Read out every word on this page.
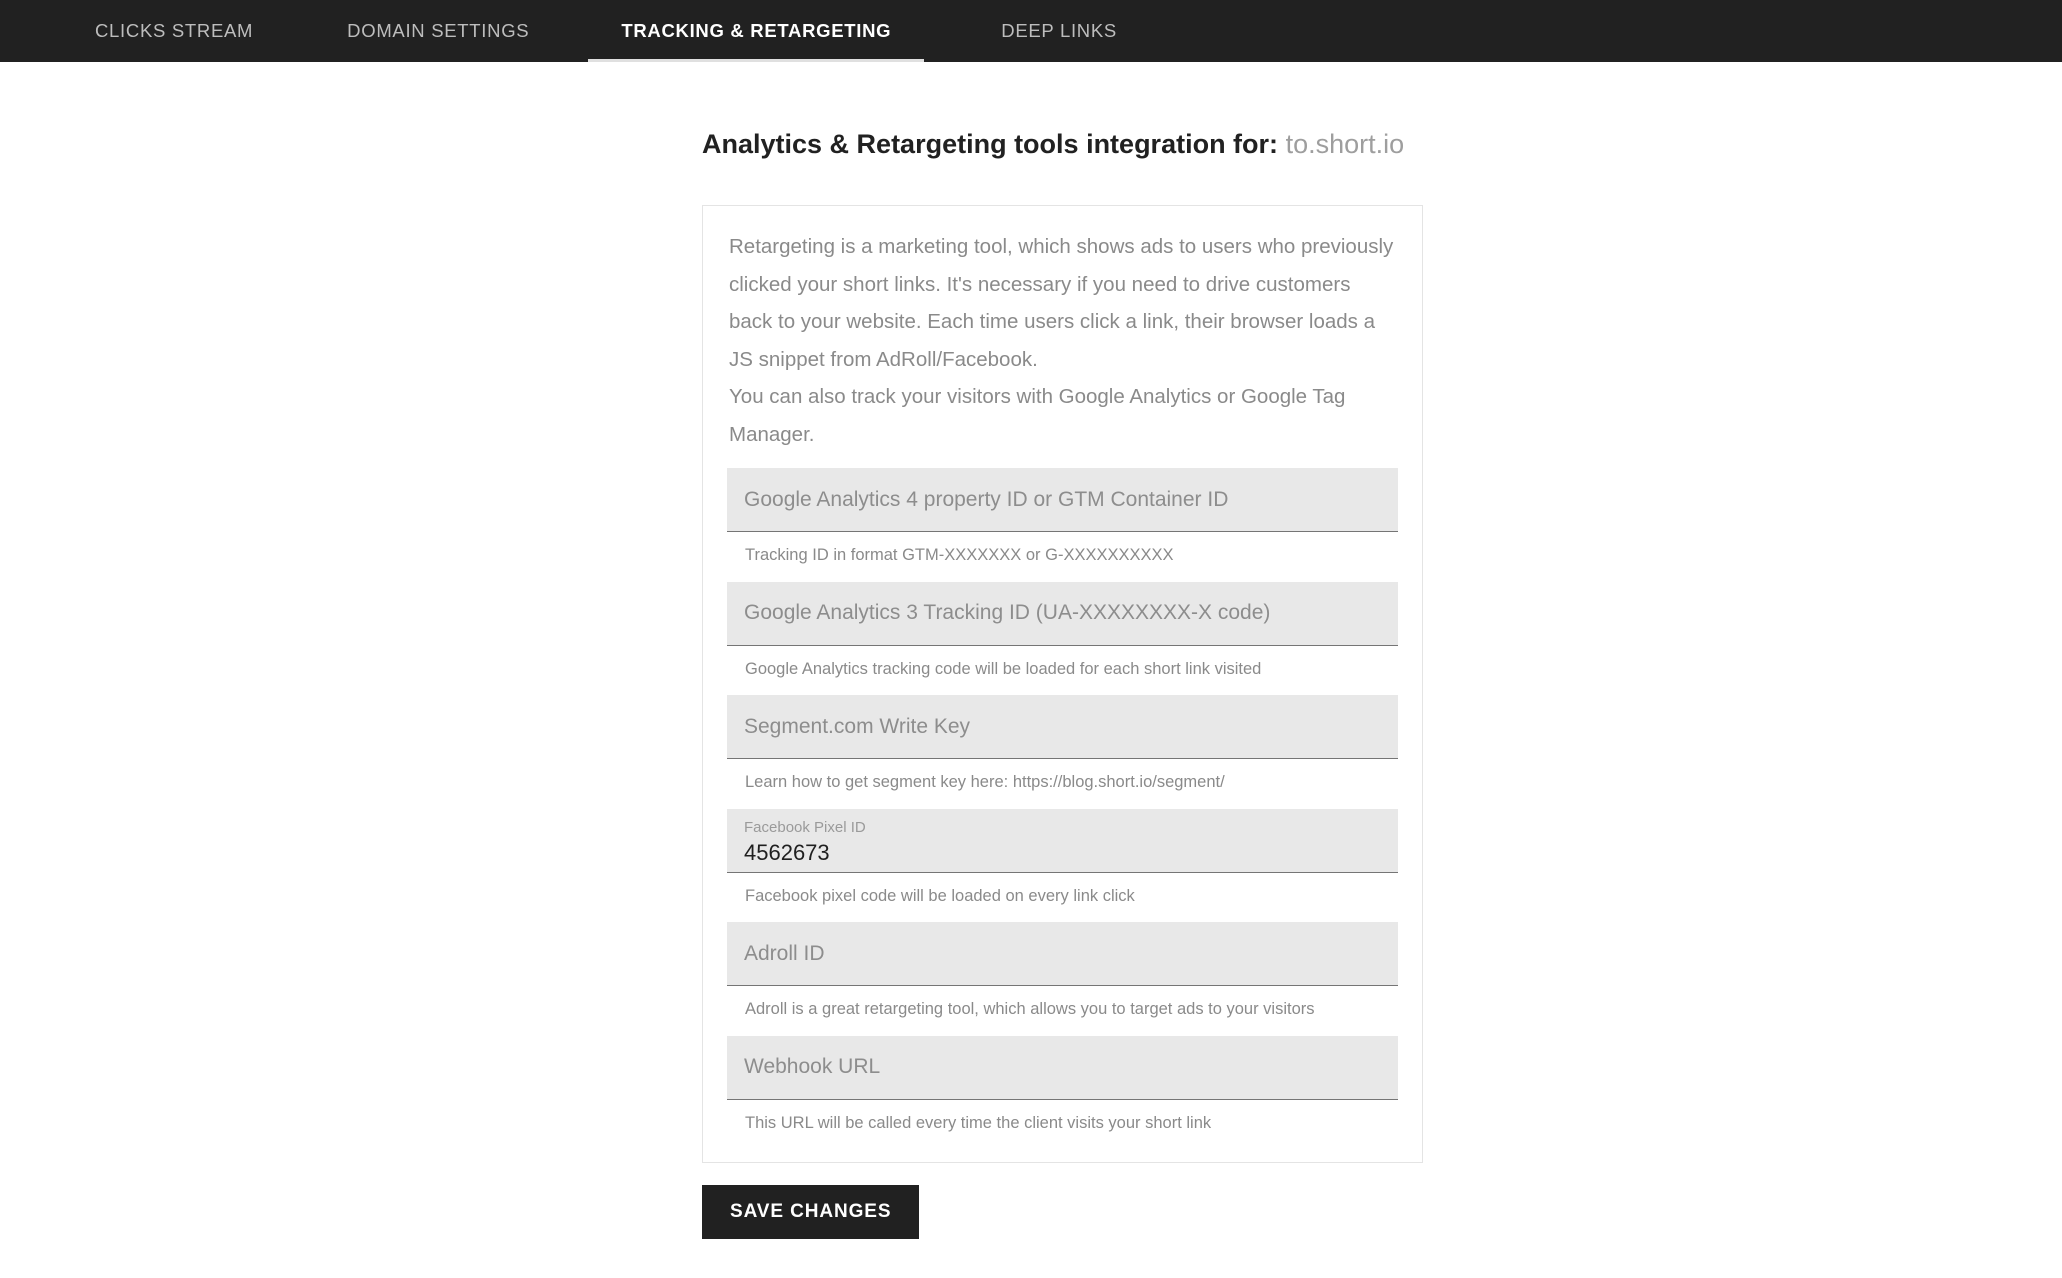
CLICKS STREAM	DOMAIN SETTINGS	TRACKING & RETARGETING	DEEP LINKS
Analytics & Retargeting tools integration for: to.short.io

Retargeting is a marketing tool, which shows ads to users who previously clicked your short links. It's necessary if you need to drive customers back to your website. Each time users click a link, their browser loads a JS snippet from AdRoll/Facebook.

You can also track your visitors with Google Analytics or Google Tag Manager.

Google Analytics 4 property ID or GTM Container ID
Tracking ID in format GTM-XXXXXXX or G-XXXXXXXXXX
Google Analytics 3 Tracking ID (UA-XXXXXXXX-X code)
Google Analytics tracking code will be loaded for each short link visited
Segment.com Write Key
Learn how to get segment key here: https://blog.short.io/segment/
Facebook Pixel ID
4562673
Facebook pixel code will be loaded on every link click
Adroll ID
Adroll is a great retargeting tool, which allows you to target ads to your visitors
Webhook URL
This URL will be called every time the client visits your short link
SAVE CHANGES
